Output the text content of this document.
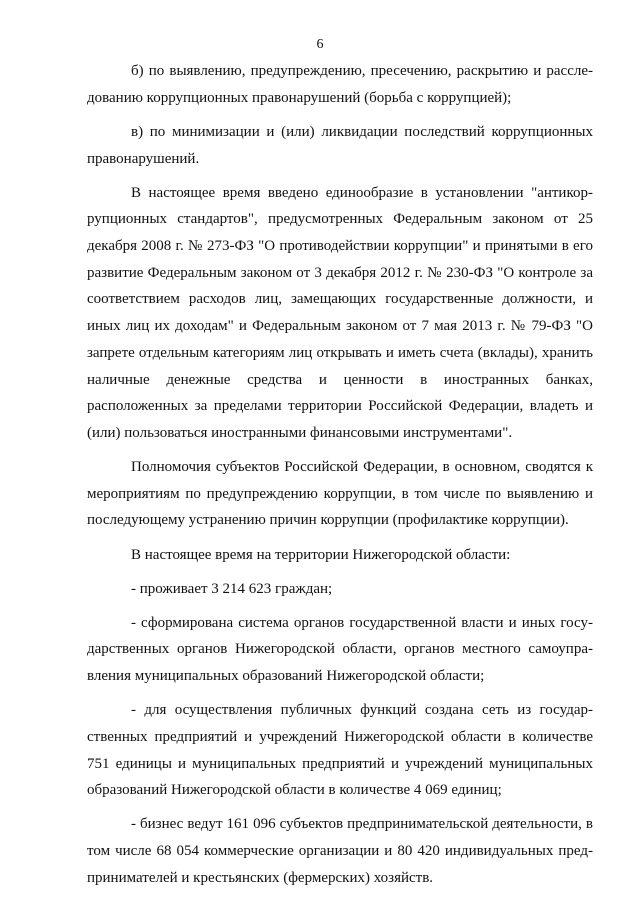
6

б) по выявлению, предупреждению, пресечению, раскрытию и расследованию коррупционных правонарушений (борьба с коррупцией);

в) по минимизации и (или) ликвидации последствий коррупционных правонарушений.

В настоящее время введено единообразие в установлении "антикоррупционных стандартов", предусмотренных Федеральным законом от 25 декабря 2008 г. № 273-ФЗ "О противодействии коррупции" и принятыми в его развитие Федеральным законом от 3 декабря 2012 г. № 230-ФЗ "О контроле за соответствием расходов лиц, замещающих государственные должности, и иных лиц их доходам" и Федеральным законом от 7 мая 2013 г. № 79-ФЗ "О запрете отдельным категориям лиц открывать и иметь счета (вклады), хранить наличные денежные средства и ценности в иностранных банках, расположенных за пределами территории Российской Федерации, владеть и (или) пользоваться иностранными финансовыми инструментами".

Полномочия субъектов Российской Федерации, в основном, сводятся к мероприятиям по предупреждению коррупции, в том числе по выявлению и последующему устранению причин коррупции (профилактике коррупции).

В настоящее время на территории Нижегородской области:

- проживает 3 214 623 граждан;

- сформирована система органов государственной власти и иных государственных органов Нижегородской области, органов местного самоуправления муниципальных образований Нижегородской области;

- для осуществления публичных функций создана сеть из государственных предприятий и учреждений Нижегородской области в количестве 751 единицы и муниципальных предприятий и учреждений муниципальных образований Нижегородской области в количестве 4 069 единиц;

- бизнес ведут 161 096 субъектов предпринимательской деятельности, в том числе 68 054 коммерческие организации и 80 420 индивидуальных предпринимателей и крестьянских (фермерских) хозяйств.
